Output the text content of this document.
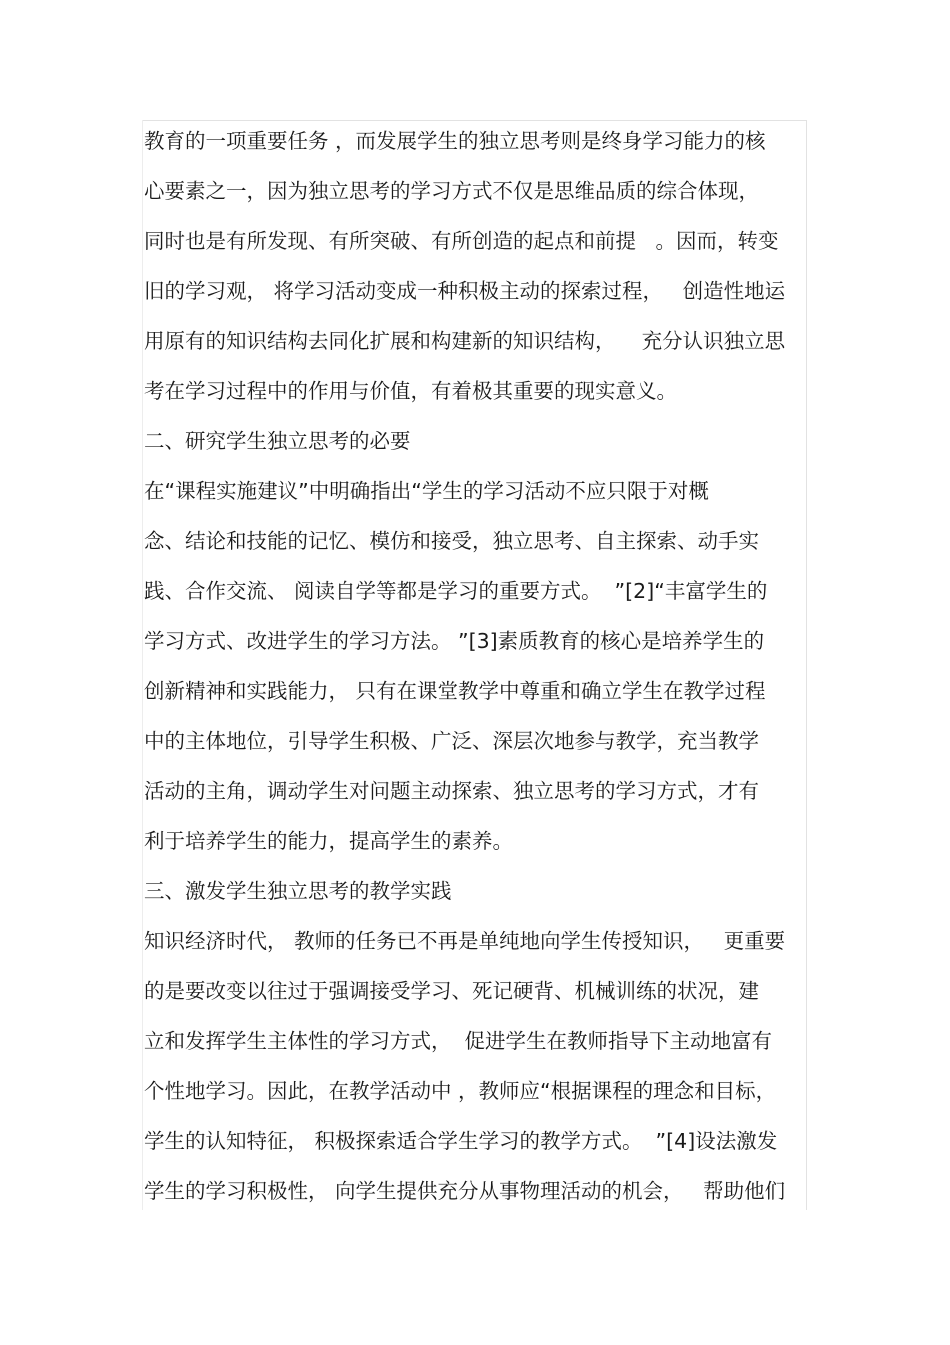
教育的一项重要任务 ，而发展学生的独立思考则是终身学习能力的核
心要素之一，因为独立思考的学习方式不仅是思维品质的综合体现，
同时也是有所发现、有所突破、有所创造的起点和前提   。因而，转变
旧的学习观， 将学习活动变成一种积极主动的探索过程，   创造性地运
用原有的知识结构去同化扩展和构建新的知识结构，    充分认识独立思
考在学习过程中的作用与价值，有着极其重要的现实意义。
二、研究学生独立思考的必要
在“课程实施建议”中明确指出“学生的学习活动不应只限于对概
念、结论和技能的记忆、模仿和接受，独立思考、自主探索、动手实
践、合作交流、 阅读自学等都是学习的重要方式。  ”[2]“丰富学生的
学习方式、改进学生的学习方法。 ”[3]素质教育的核心是培养学生的
创新精神和实践能力， 只有在课堂教学中尊重和确立学生在教学过程
中的主体地位，引导学生积极、广泛、深层次地参与教学，充当教学
活动的主角，调动学生对问题主动探索、独立思考的学习方式，才有
利于培养学生的能力，提高学生的素养。
三、激发学生独立思考的教学实践
知识经济时代， 教师的任务已不再是单纯地向学生传授知识，   更重要
的是要改变以往过于强调接受学习、死记硬背、机械训练的状况，建
立和发挥学生主体性的学习方式，  促进学生在教师指导下主动地富有
个性地学习。因此，在教学活动中 ，教师应“根据课程的理念和目标，
学生的认知特征， 积极探索适合学生学习的教学方式。  ”[4]设法激发
学生的学习积极性， 向学生提供充分从事物理活动的机会，   帮助他们
